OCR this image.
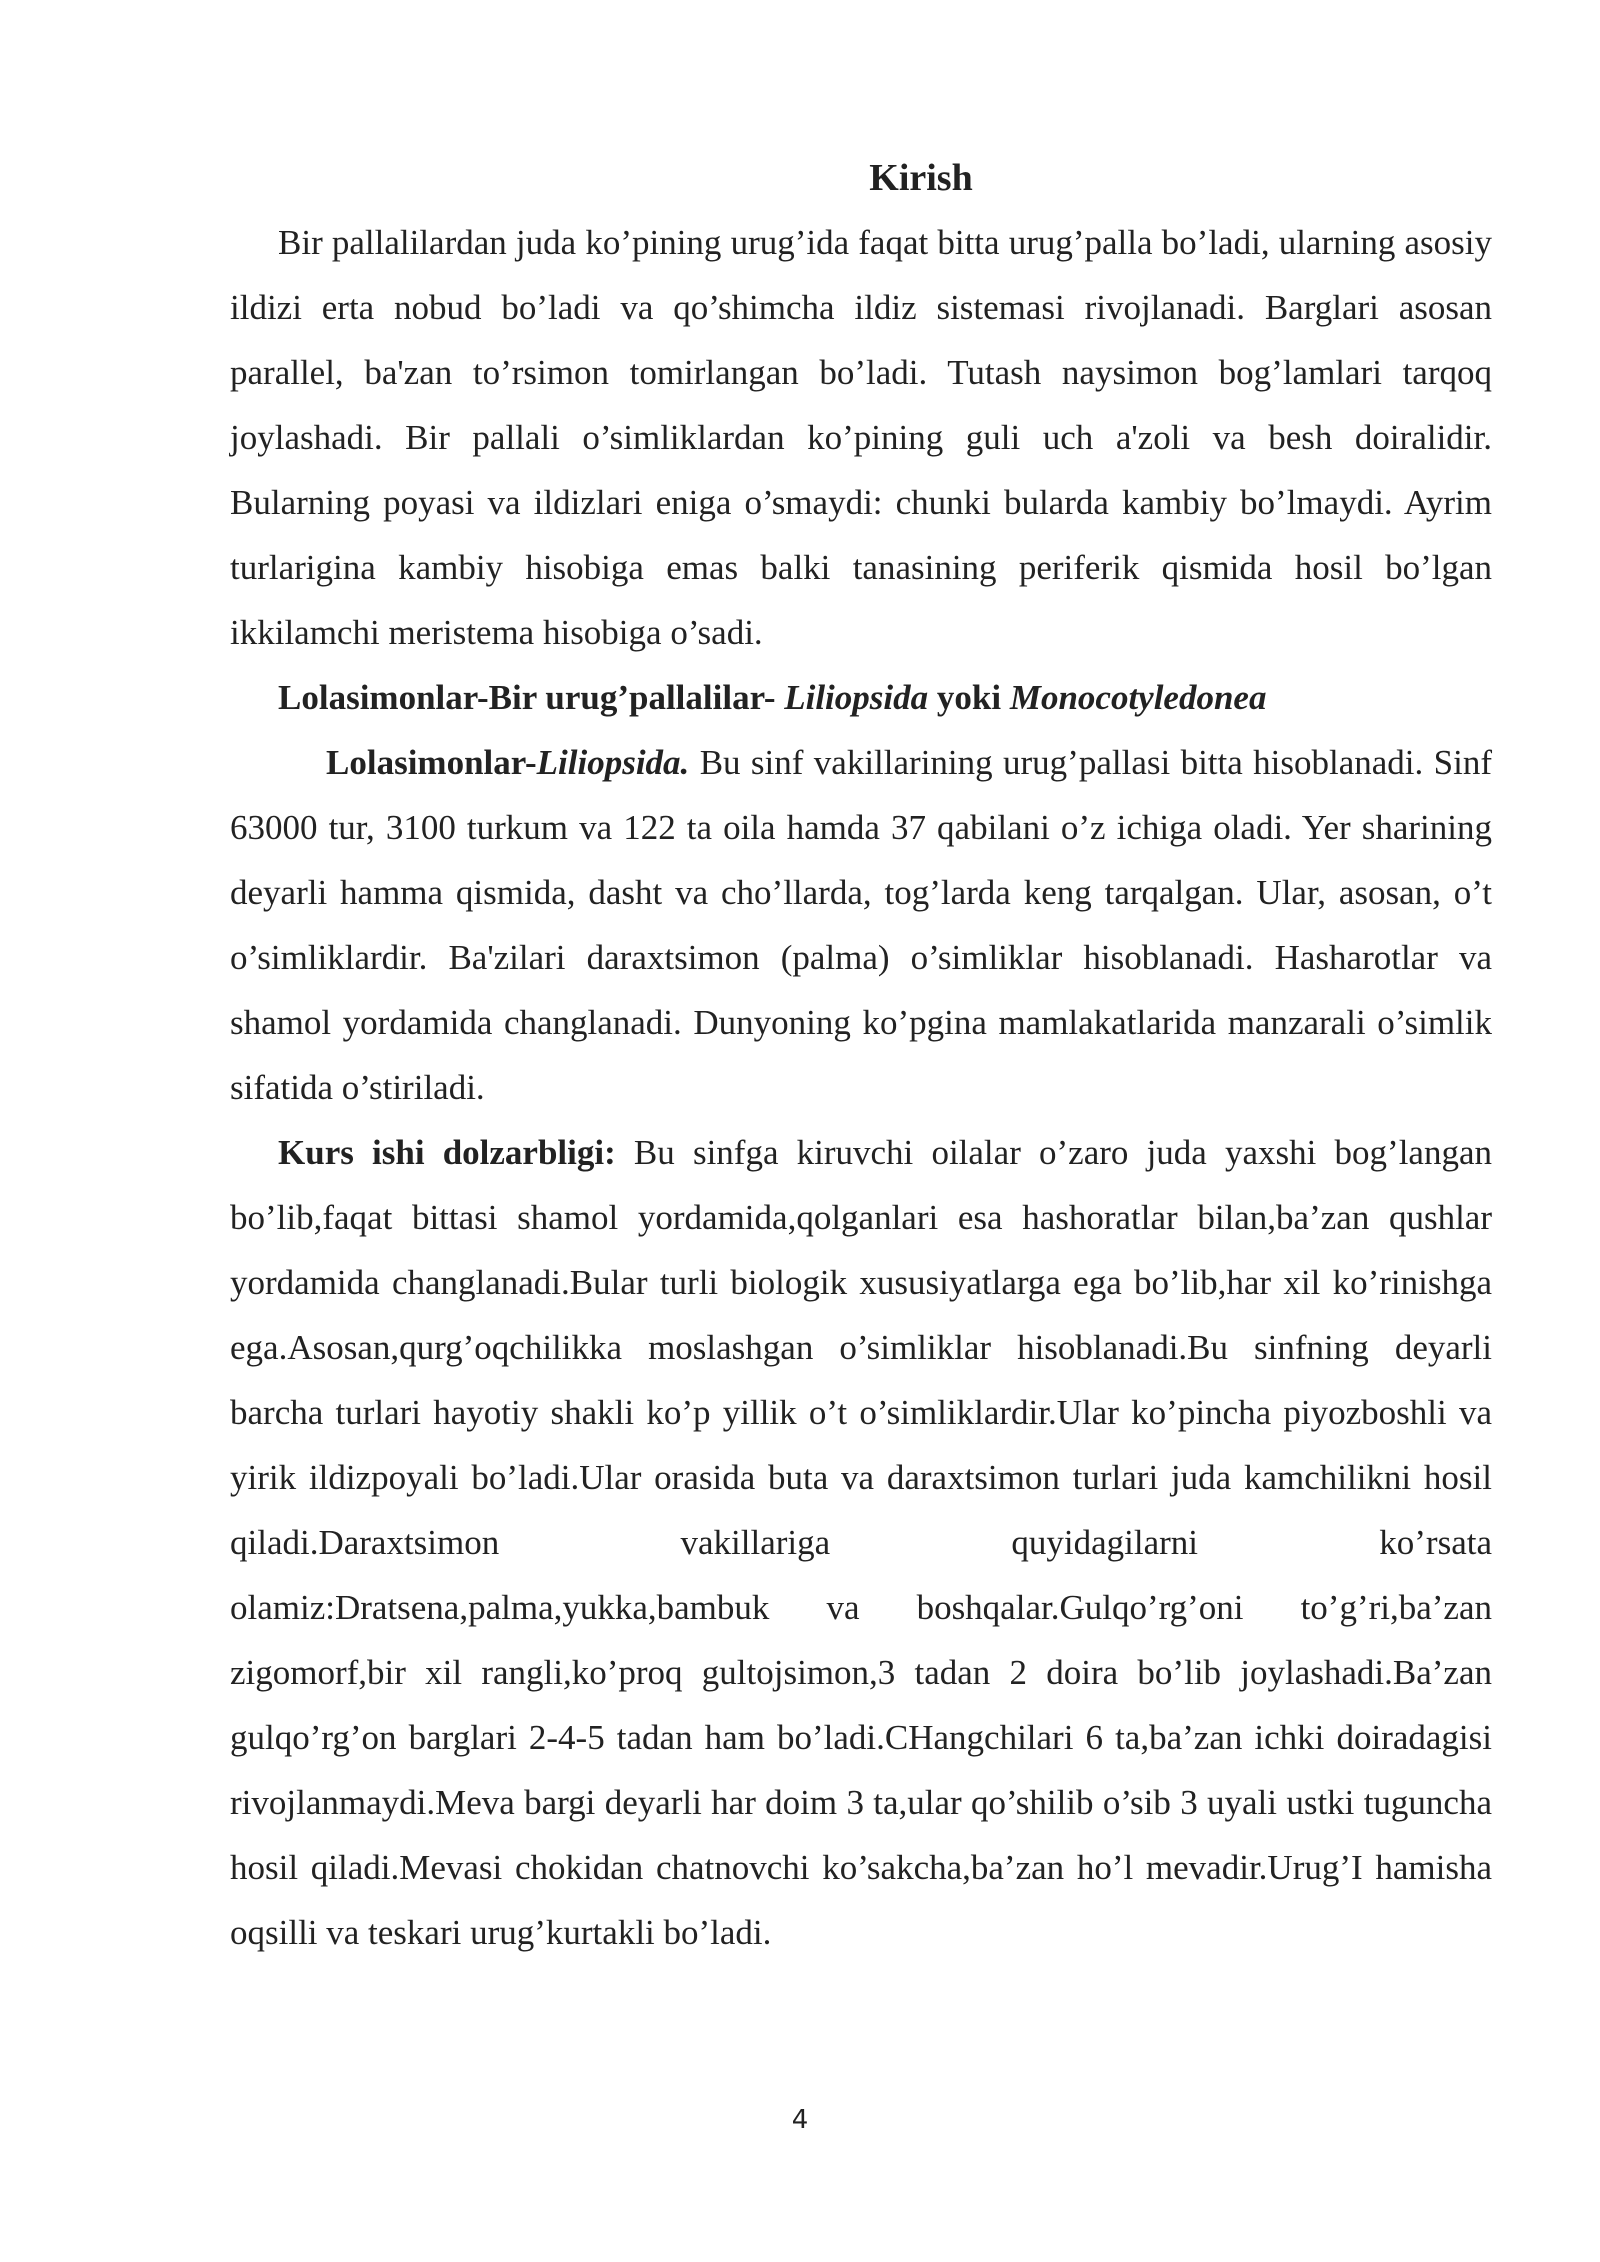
Kirish

Bir pallalilardan juda ko’pining urug’ida faqat bitta urug’palla bo’ladi, ularning asosiy ildizi erta nobud bo’ladi va qo’shimcha ildiz sistemasi rivojlanadi. Barglari asosan parallel, ba'zan to’rsimon tomirlangan bo’ladi. Tutash naysimon bog’lamlari tarqoq joylashadi. Bir pallali o’simliklardan ko’pining guli uch a'zoli va besh doiralidir. Bularning poyasi va ildizlari eniga o’smaydi: chunki bularda kambiy bo’lmaydi. Ayrim turlarigina kambiy hisobiga emas balki tanasining periferik qismida hosil bo’lgan ikkilamchi meristema hisobiga o’sadi.

Lolasimonlar-Bir urug’pallalilar- Liliopsida yoki Monocotyledonea

Lolasimonlar-Liliopsida. Bu sinf vakillarining urug’pallasi bitta hisoblanadi. Sinf 63000 tur, 3100 turkum va 122 ta oila hamda 37 qabilani o’z ichiga oladi. Yer sharining deyarli hamma qismida, dasht va cho’llarda, tog’larda keng tarqalgan. Ular, asosan, o’t o’simliklardir. Ba'zilari daraxtsimon (palma) o’simliklar hisoblanadi. Hasharotlar va shamol yordamida changlanadi. Dunyoning ko’pgina mamlakatlarida manzarali o’simlik sifatida o’stiriladi.

Kurs ishi dolzarbligi: Bu sinfga kiruvchi oilalar o’zaro juda yaxshi bog’langan bo’lib,faqat bittasi shamol yordamida,qolganlari esa hashoratlar bilan,ba’zan qushlar yordamida changlanadi.Bular turli biologik xususiyatlarga ega bo’lib,har xil ko’rinishga ega.Asosan,qurg’oqchilikka moslashgan o’simliklar hisoblanadi.Bu sinfning deyarli barcha turlari hayotiy shakli ko’p yillik o’t o’simliklardir.Ular ko’pincha piyozboshli va yirik ildizpoyali bo’ladi.Ular orasida buta va daraxtsimon turlari juda kamchilikni hosil qiladi.Daraxtsimon vakillariga quyidagilarni ko’rsata olamiz:Dratsena,palma,yukka,bambuk va boshqalar.Gulqo’rg’oni to’g’ri,ba’zan zigomorf,bir xil rangli,ko’proq gultojsimon,3 tadan 2 doira bo’lib joylashadi.Ba’zan gulqo’rg’on barglari 2-4-5 tadan ham bo’ladi.CHangchilari 6 ta,ba’zan ichki doiradagisi rivojlanmaydi.Meva bargi deyarli har doim 3 ta,ular qo’shilib o’sib 3 uyali ustki tuguncha hosil qiladi.Mevasi chokidan chatnovchi ko’sakcha,ba’zan ho’l mevadir.Urug’I hamisha oqsilli va teskari urug’kurtakli bo’ladi.

4
